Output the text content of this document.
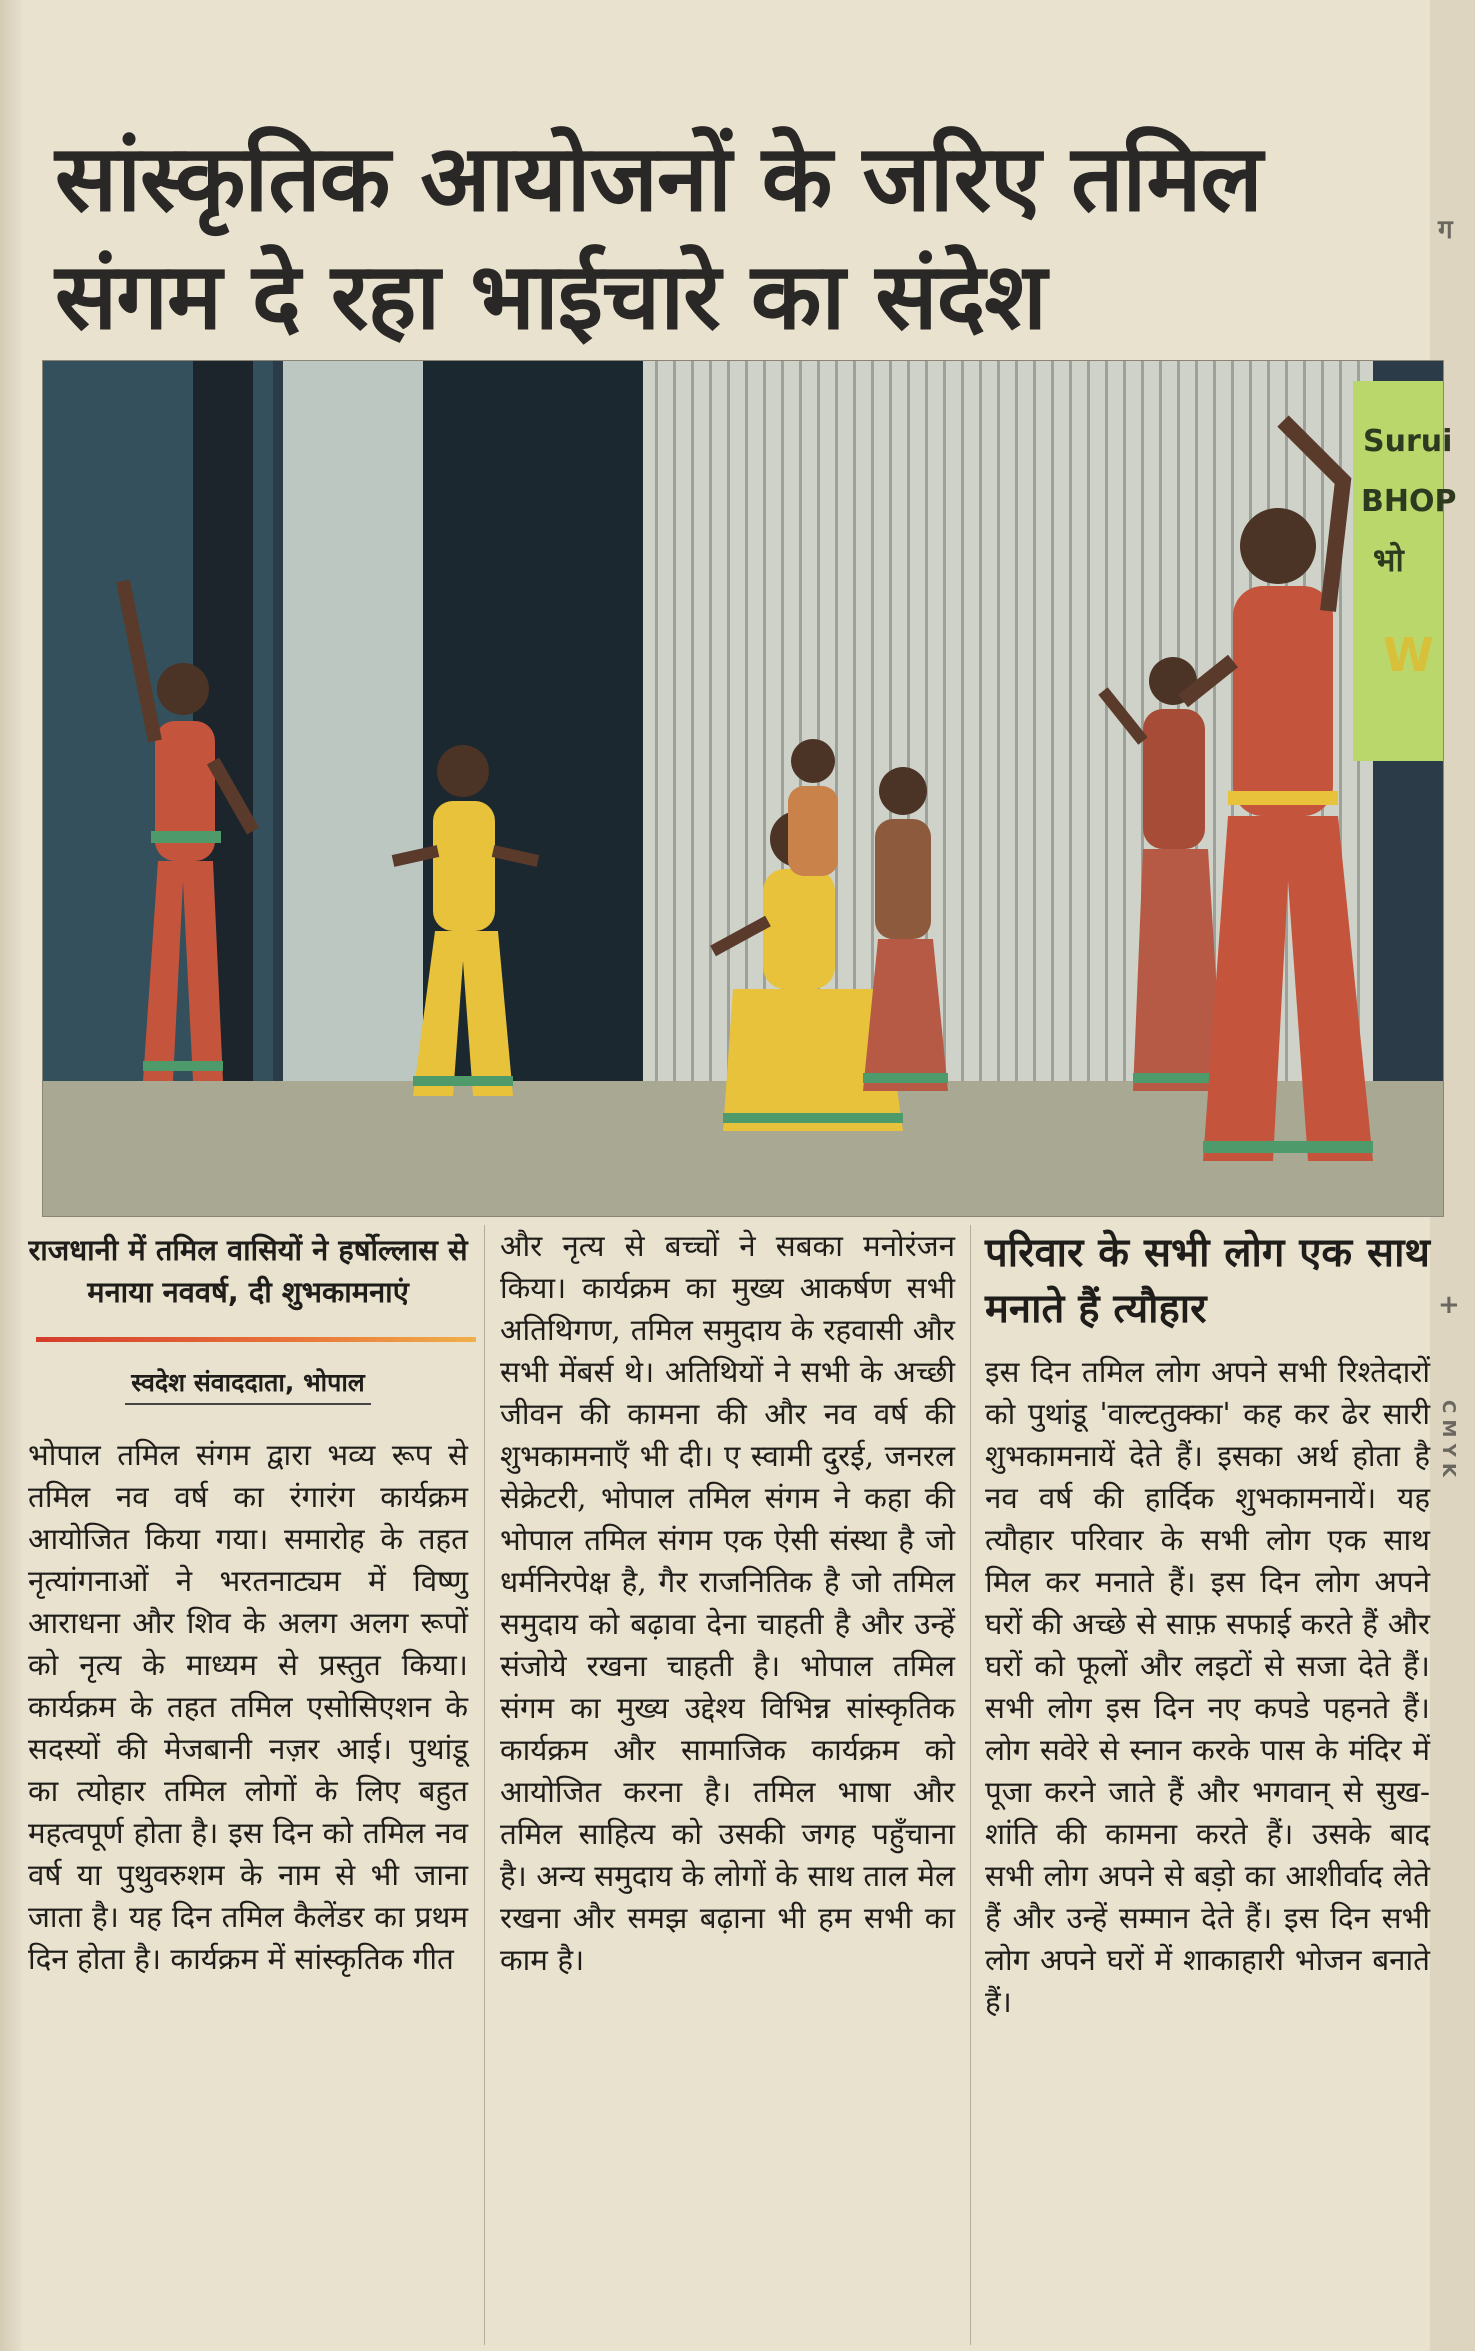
ग
+
C M Y K
सांस्कृतिक आयोजनों के जरिए तमिल संगम दे रहा भाईचारे का संदेश
Surui
BHOP
भो
W
राजधानी में तमिल वासियों ने हर्षोल्लास से मनाया नववर्ष, दी शुभकामनाएं
स्वदेश संवाददाता, भोपाल

भोपाल तमिल संगम द्वारा भव्य रूप से तमिल नव वर्ष का रंगारंग कार्यक्रम आयोजित किया गया। समारोह के तहत नृत्यांगनाओं ने भरतनाट्यम में विष्णु आराधना और शिव के अलग अलग रूपों को नृत्य के माध्यम से प्रस्तुत किया। कार्यक्रम के तहत तमिल एसोसिएशन के सदस्यों की मेजबानी नज़र आई। पुथांडू का त्योहार तमिल लोगों के लिए बहुत महत्वपूर्ण होता है। इस दिन को तमिल नव वर्ष या पुथुवरुशम के नाम से भी जाना जाता है। यह दिन तमिल कैलेंडर का प्रथम दिन होता है। कार्यक्रम में सांस्कृतिक गीत

और नृत्य से बच्चों ने सबका मनोरंजन किया। कार्यक्रम का मुख्य आकर्षण सभी अतिथिगण, तमिल समुदाय के रहवासी और सभी मेंबर्स थे। अतिथियों ने सभी के अच्छी जीवन की कामना की और नव वर्ष की शुभकामनाएँ भी दी। ए स्वामी दुरई, जनरल सेक्रेटरी, भोपाल तमिल संगम ने कहा की भोपाल तमिल संगम एक ऐसी संस्था है जो धर्मनिरपेक्ष है, गैर राजनितिक है जो तमिल समुदाय को बढ़ावा देना चाहती है और उन्हें संजोये रखना चाहती है। भोपाल तमिल संगम का मुख्य उद्देश्य विभिन्न सांस्कृतिक कार्यक्रम और सामाजिक कार्यक्रम को आयोजित करना है। तमिल भाषा और तमिल साहित्य को उसकी जगह पहुँचाना है। अन्य समुदाय के लोगों के साथ ताल मेल रखना और समझ बढ़ाना भी हम सभी का काम है।

परिवार के सभी लोग एक साथ मनाते हैं त्यौहार

इस दिन तमिल लोग अपने सभी रिश्तेदारों को पुथांडू 'वाल्टतुक्का' कह कर ढेर सारी शुभकामनायें देते हैं। इसका अर्थ होता है नव वर्ष की हार्दिक शुभकामनायें। यह त्यौहार परिवार के सभी लोग एक साथ मिल कर मनाते हैं। इस दिन लोग अपने घरों की अच्छे से साफ़ सफाई करते हैं और घरों को फूलों और लइटों से सजा देते हैं। सभी लोग इस दिन नए कपडे पहनते हैं। लोग सवेरे से स्नान करके पास के मंदिर में पूजा करने जाते हैं और भगवान् से सुख-शांति की कामना करते हैं। उसके बाद सभी लोग अपने से बड़ो का आशीर्वाद लेते हैं और उन्हें सम्मान देते हैं। इस दिन सभी लोग अपने घरों में शाकाहारी भोजन बनाते हैं।
